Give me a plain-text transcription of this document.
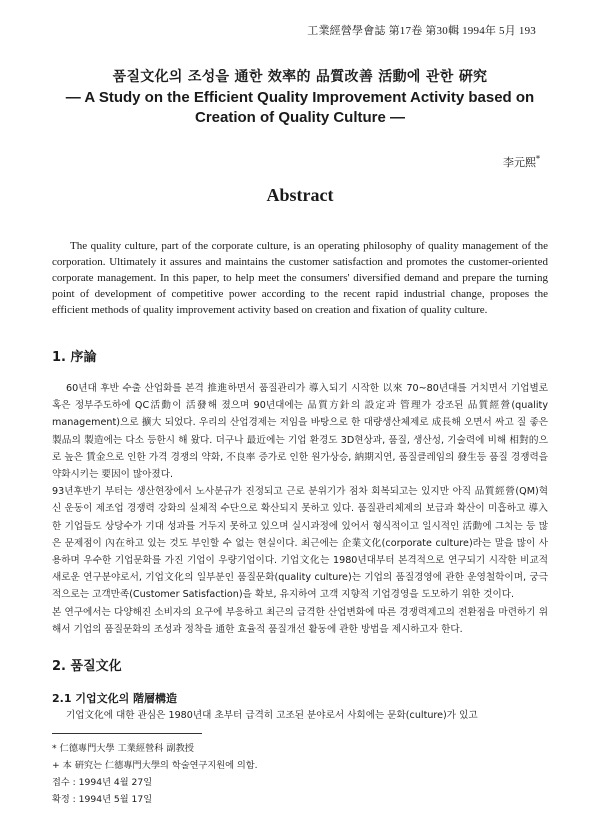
工業經營學會誌 第17卷 第30輯 1994年 5月 193
품질文化의 조성을 通한 效率的 品質改善 活動에 관한 硏究
— A Study on the Efficient Quality Improvement Activity based on Creation of Quality Culture —
李元熙*
Abstract
The quality culture, part of the corporate culture, is an operating philosophy of quality management of the corporation. Ultimately it assures and maintains the customer satisfaction and promotes the customer-oriented corporate management. In this paper, to help meet the consumers' diversified demand and prepare the turning point of development of competitive power according to the recent rapid industrial change, proposes the efficient methods of quality improvement activity based on creation and fixation of quality culture.
1. 序論

60년대 후반 수출 산업화를 본격 推進하면서 품질관리가 導入되기 시작한 以來 70~80년대를 거치면서 기업별로 혹은 정부주도하에 QC活動이 活發해 졌으며 90년대에는 品質方針의 設定과 管理가 강조된 品質經營(quality management)으로 擴大 되었다. 우리의 산업경제는 저임을 바탕으로 한 대량생산체제로 成長해 오면서 싸고 질 좋은 製品의 製造에는 다소 등한시 해 왔다. 더구나 最近에는 기업 환경도 3D현상과, 품질, 생산성, 기술력에 비해 相對的으로 높은 賃金으로 인한 가격 경쟁의 약화, 不良率 증가로 인한 원가상승, 納期지연, 품질클레임의 發生등 품질 경쟁력을 약화시키는 要因이 많아졌다.

93년후반기 부터는 생산현장에서 노사분규가 진정되고 근로 분위기가 점차 회복되고는 있지만 아직 品質經營(QM)혁신 운동이 제조업 경쟁력 강화의 실체적 수단으로 확산되지 못하고 있다. 품질관리체제의 보급과 확산이 미흡하고 導入한 기업들도 상당수가 기대 성과를 거두지 못하고 있으며 실시과정에 있어서 형식적이고 일시적인 活動에 그치는 등 많은 문제점이 內在하고 있는 것도 부인할 수 없는 현실이다. 최근에는 企業文化(corporate culture)라는 말을 많이 사용하며 우수한 기업문화를 가진 기업이 우량기업이다. 기업文化는 1980년대부터 본격적으로 연구되기 시작한 비교적 새로운 연구분야로서, 기업文化의 일부분인 품질문화(quality culture)는 기업의 품질경영에 관한 운영철학이며, 궁극적으로는 고객만족(Customer Satisfaction)을 확보, 유지하여 고객 지향적 기업경영을 도모하기 위한 것이다.

본 연구에서는 다양해진 소비자의 요구에 부응하고 최근의 급격한 산업변화에 따른 경쟁력제고의 전환점을 마련하기 위해서 기업의 품질문화의 조성과 정착을 通한 효율적 품질개선 활동에 관한 방법을 제시하고자 한다.

2. 품질文化
2.1 기업文化의 階層構造
기업文化에 대한 관심은 1980년대 초부터 급격히 고조된 분야로서 사회에는 문화(culture)가 있고
* 仁德專門大學 工業經營科 副教授
+ 本 硏究는 仁德專門大學의 학술연구지원에 의함.
접수 : 1994년 4월 27일
확정 : 1994년 5월 17일
